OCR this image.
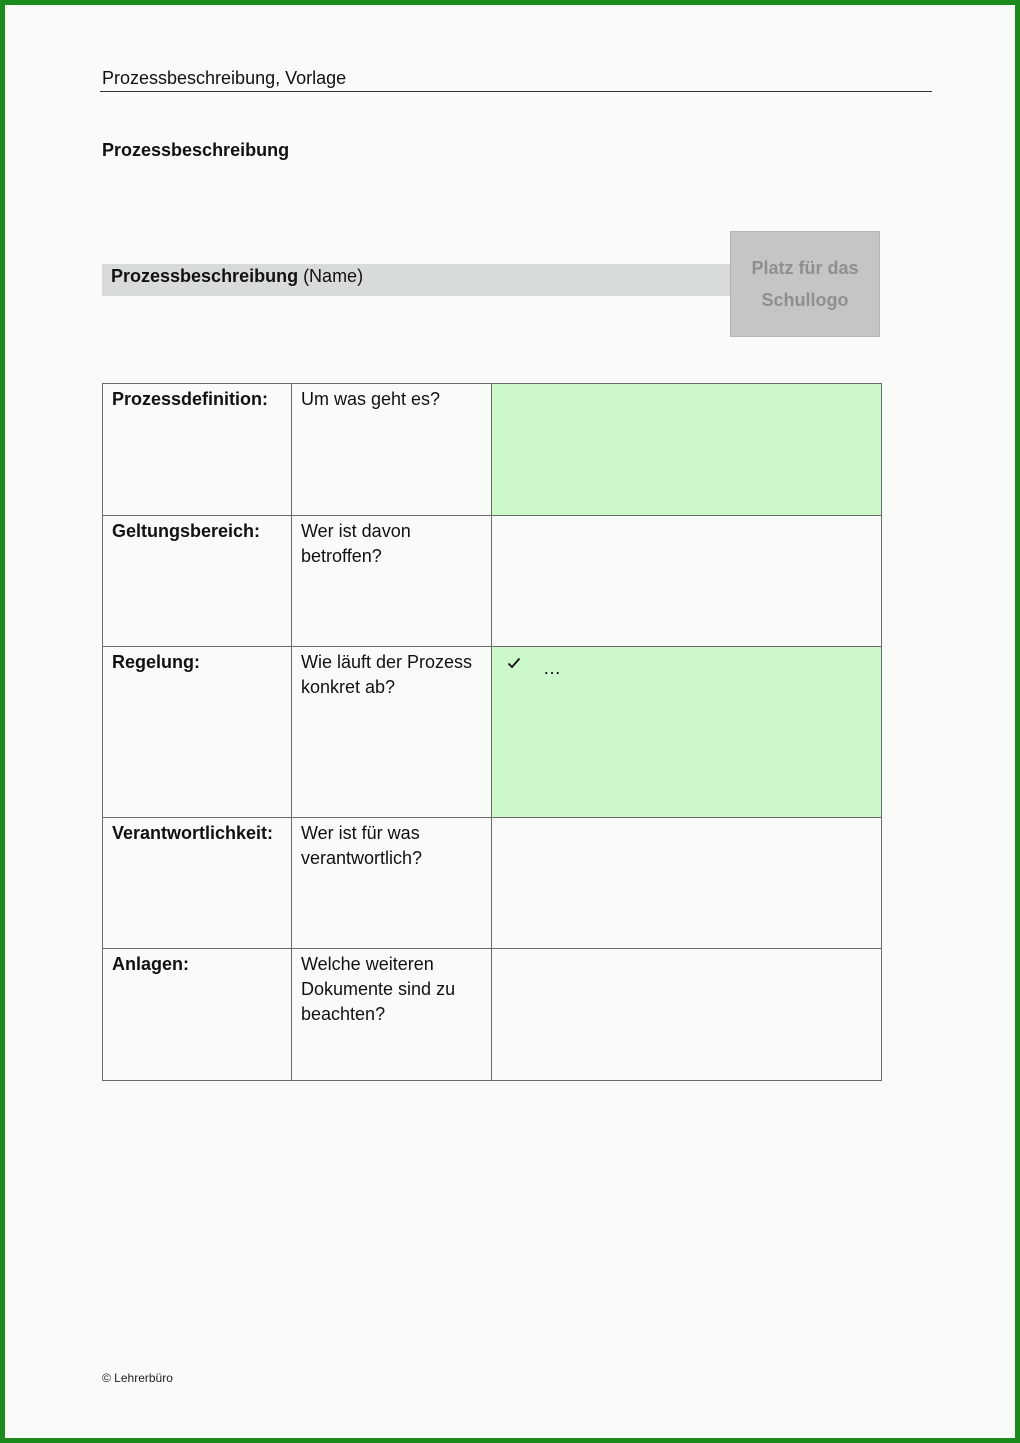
Prozessbeschreibung, Vorlage
Prozessbeschreibung
Prozessbeschreibung (Name)	Platz für das
Schullogo
Prozessdefinition:	Um was geht es?	
Geltungsbereich:	Wer ist davon
betroffen?	

Regelung:	Wie läuft der Prozess
konkret ab?	…

Verantwortlichkeit:	Wer ist für was
verantwortlich?	

Anlagen:	Welche weiteren
Dokumente sind zu
beachten?	

© Lehrerbüro
